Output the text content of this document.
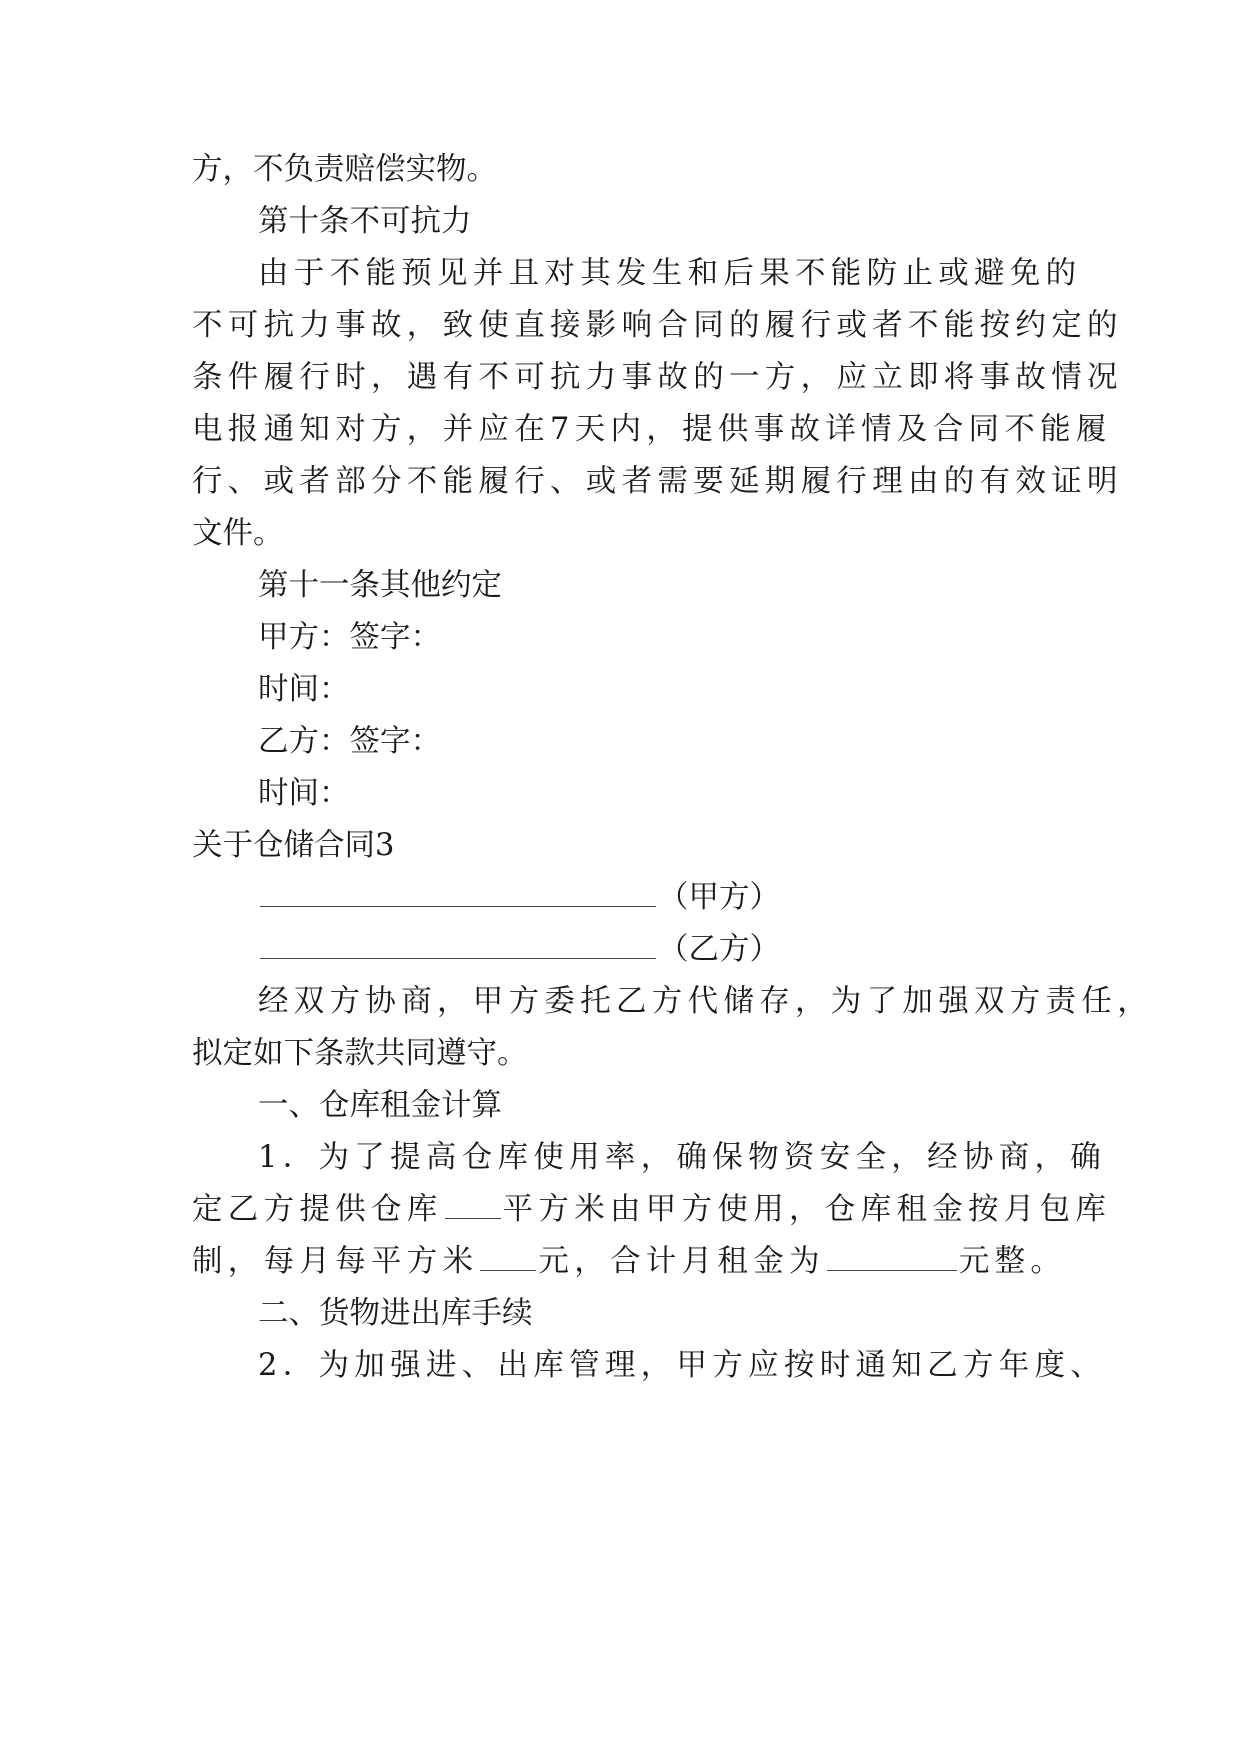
方，不负责赔偿实物。
第十条不可抗力
由于不能预见并且对其发生和后果不能防止或避免的
不可抗力事故，致使直接影响合同的履行或者不能按约定的
条件履行时，遇有不可抗力事故的一方，应立即将事故情况
电报通知对方，并应在7天内，提供事故详情及合同不能履
行、或者部分不能履行、或者需要延期履行理由的有效证明
文件。
第十一条其他约定
甲方：签字：
时间：
乙方：签字：
时间：
关于仓储合同3
（甲方）
（乙方）
经双方协商，甲方委托乙方代储存，为了加强双方责任，
拟定如下条款共同遵守。
一、仓库租金计算
1．为了提高仓库使用率，确保物资安全，经协商，确
定乙方提供仓库 平方米由甲方使用，仓库租金按月包库
制，每月每平方米 元，合计月租金为	元整。
二、货物进出库手续
2．为加强进、出库管理，甲方应按时通知乙方年度、
